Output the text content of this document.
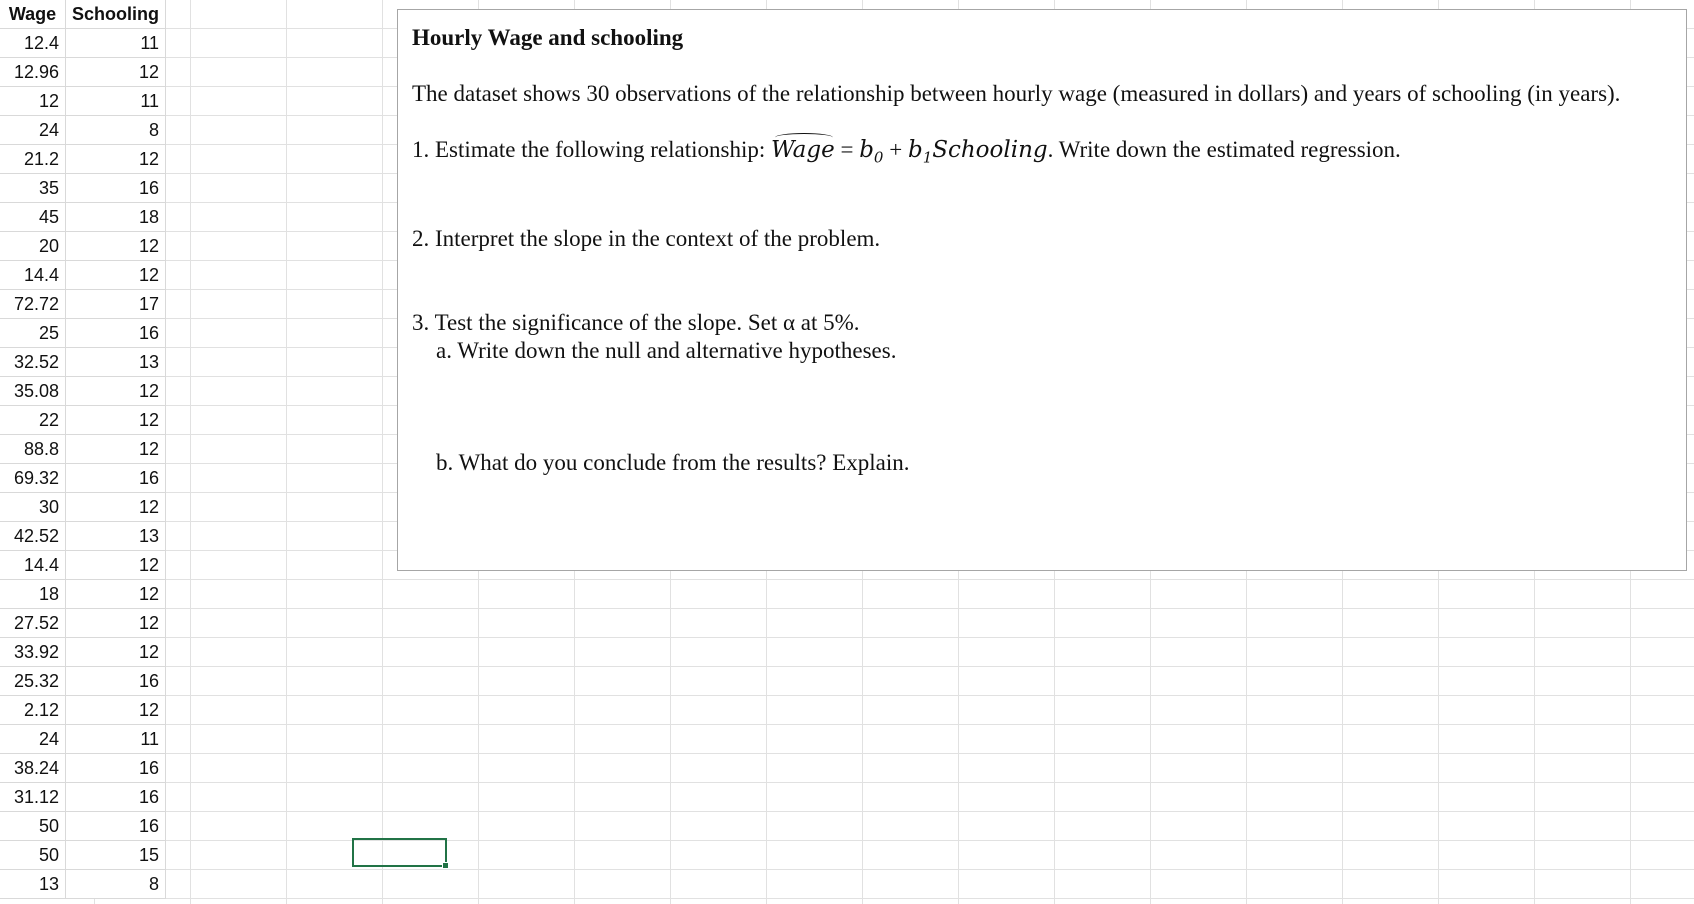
Wage	Schooling
12.4	11
12.96	12
12	11
24	8
21.2	12
35	16
45	18
20	12
14.4	12
72.72	17
25	16
32.52	13
35.08	12
22	12
88.8	12
69.32	16
30	12
42.52	13
14.4	12
18	12
27.52	12
33.92	12
25.32	16
2.12	12
24	11
38.24	16
31.12	16
50	16
50	15
13	8

Hourly Wage and schooling

The dataset shows 30 observations of the relationship between hourly wage (measured in dollars) and years of schooling (in years).

1. Estimate the following relationship: Wage = $b_0$ + $b_1Schooling$. Write down the estimated regression.

2. Interpret the slope in the context of the problem.

3. Test the significance of the slope. Set α at 5%.

a. Write down the null and alternative hypotheses.

b. What do you conclude from the results? Explain.
